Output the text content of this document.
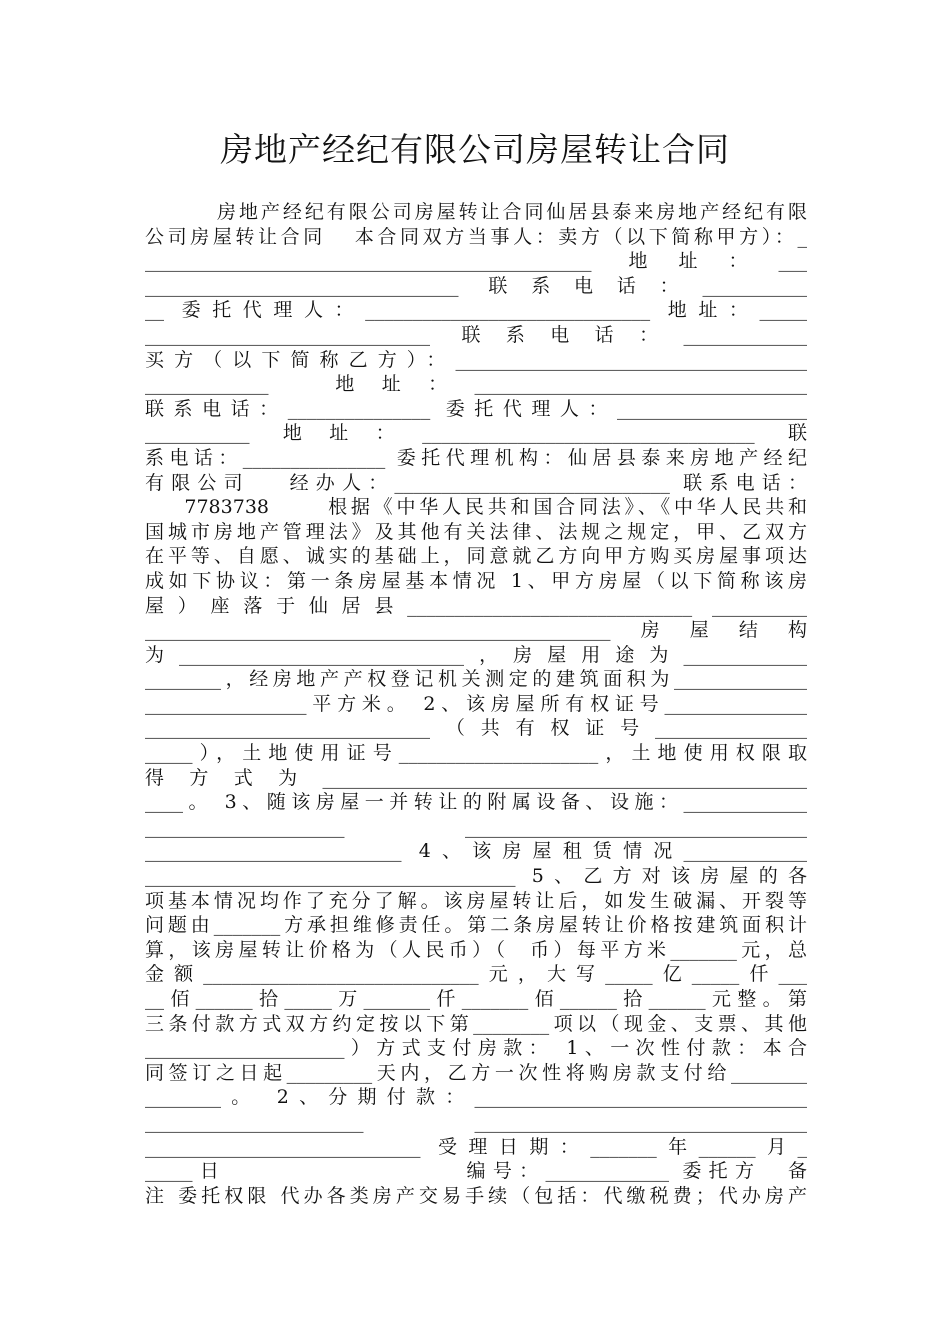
房地产经纪有限公司房屋转让合同
房地产经纪有限公司房屋转让合同仙居县泰来房地产经纪有限
公司房屋转让合同   本合同双方当事人：卖方（以下简称甲方）：_
_______________________________________________ 地址：___
_________________________________ 联系电话：___________
__ 委托代理人：______________________________ 地址：_____
______________________________ 联系电话：_____________
买方（以下简称乙方）：_____________________________________
_____________  地址：___________________________________
联系电话：_______________ 委托代理人：____________________
___________ 地址：___________________________________ 联
系电话：_______________ 委托代理机构：仙居县泰来房地产经纪
有限公司   经办人：_____________________________ 联系电话：
7783738      根据《中华人民共和国合同法》、《中华人民共和
国城市房地产管理法》及其他有关法律、法规之规定，甲、乙双方
在平等、自愿、诚实的基础上，同意就乙方向甲方购买房屋事项达
成如下协议：第一条房屋基本情况 1、甲方房屋（以下简称该房
屋）座落于仙居县______________________________ __________
_________________________________________________房屋结构
为______________________________，房屋用途为_____________
________，经房地产产权登记机关测定的建筑面积为______________
_________________平方米。 2、该房屋所有权证号_______________
______________________________（共有权证号________________
_____），土地使用证号_____________________，土地使用权限取
得方式为___________________________________________________
____。 3、随该房屋一并转让的附属设备、设施：_____________
_____________________ ____________________________________
___________________________ 4、该房屋租赁情况_____________
_______________________________________ 5、乙方对该房屋的各
项基本情况均作了充分了解。该房屋转让后，如发生破漏、开裂等
问题由_______方承担维修责任。第二条房屋转让价格按建筑面积计
算，该房屋转让价格为（人民币）（  币）每平方米_______元，总
金额_____________________________元，大写_____亿_____仟___
__佰______拾_____万_______仟_______佰______拾______元整。第
三条付款方式双方约定按以下第________项以（现金、支票、其他
_____________________）方式支付房款： 1、一次性付款：本合
同签订之日起_________天内，乙方一次性将购房款支付给________
________。 2、分期付款：___________________________________
_______________________ ___________________________________
_____________________________ 受理日期：_______年______月_
_____日                  编号：_____________ 委托方  备
注 委托权限 代办各类房产交易手续（包括：代缴税费；代办房产
